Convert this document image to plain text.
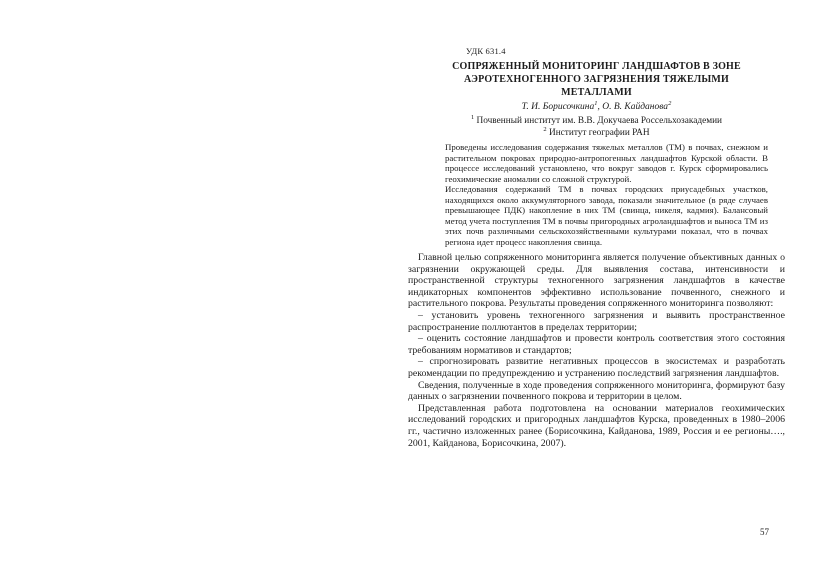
УДК 631.4
СОПРЯЖЕННЫЙ МОНИТОРИНГ ЛАНДШАФТОВ В ЗОНЕ
АЭРОТЕХНОГЕННОГО ЗАГРЯЗНЕНИЯ ТЯЖЕЛЫМИ
МЕТАЛЛАМИ
Т. И. Борисочкина$^1$, О. В. Кайданова$^2$
$^1$ Почвенный институт им. В.В. Докучаева Россельхозакадемии
$^2$ Институт географии РАН

Проведены исследования содержания тяжелых металлов (ТМ) в почвах, снежном и растительном покровах природно-антропогенных ландшафтов Курской области. В процессе исследований установлено, что вокруг заводов г. Курск сформировались геохимические аномалии со сложной структурой.

Исследования содержаний ТМ в почвах городских приусадебных участков, находящихся около аккумуляторного завода, показали значительное (в ряде случаев превышающее ПДК) накопление в них ТМ (свинца, никеля, кадмия). Балансовый метод учета поступления ТМ в почвы пригородных агроландшафтов и выноса ТМ из этих почв различными сельскохозяйственными культурами показал, что в почвах региона идет процесс накопления свинца.

Главной целью сопряженного мониторинга является получение объективных данных о загрязнении окружающей среды. Для выявления состава, интенсивности и пространственной структуры техногенного загрязнения ландшафтов в качестве индикаторных компонентов эффективно использование почвенного, снежного и растительного покрова. Результаты проведения сопряженного мониторинга позволяют:

– установить уровень техногенного загрязнения и выявить пространственное распространение поллютантов в пределах территории;

– оценить состояние ландшафтов и провести контроль соответствия этого состояния требованиям нормативов и стандартов;

– спрогнозировать развитие негативных процессов в экосистемах и разработать рекомендации по предупреждению и устранению последствий загрязнения ландшафтов.

Сведения, полученные в ходе проведения сопряженного мониторинга, формируют базу данных о загрязнении почвенного покрова и территории в целом.

Представленная работа подготовлена на основании материалов геохимических исследований городских и пригородных ландшафтов Курска, проведенных в 1980–2006 гг., частично изложенных ранее (Борисочкина, Кайданова, 1989, Россия и ее регионы…., 2001, Кайданова, Борисочкина, 2007).

57
